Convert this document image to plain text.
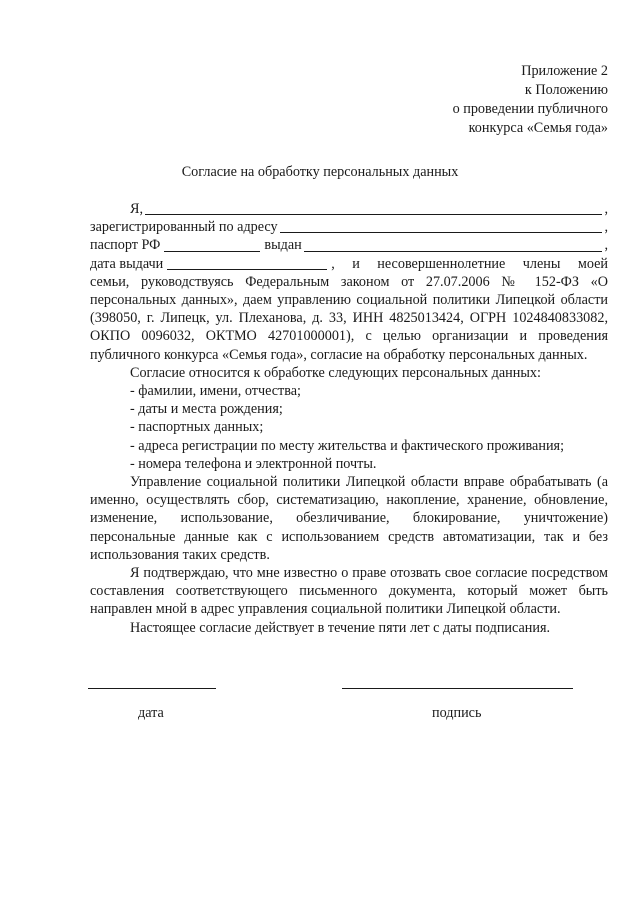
Приложение 2
к Положению
о проведении публичного
конкурса «Семья года»
Согласие на обработку персональных данных
Я,	,
зарегистрированный по адресу	,
паспорт РФ	выдан	,
дата выдачи	, и несовершеннолетние члены моей

семьи, руководствуясь Федеральным законом от 27.07.2006 № 152-ФЗ «О персональных данных», даем управлению социальной политики Липецкой области (398050, г. Липецк, ул. Плеханова, д. 33, ИНН 4825013424, ОГРН 1024840833082, ОКПО 0096032, ОКТМО 42701000001), с целью организации и проведения публичного конкурса «Семья года», согласие на обработку персональных данных.

Согласие относится к обработке следующих персональных данных:

- фамилии, имени, отчества;
- даты и места рождения;
- паспортных данных;
- адреса регистрации по месту жительства и фактического проживания;
- номера телефона и электронной почты.

Управление социальной политики Липецкой области вправе обрабатывать (а именно, осуществлять сбор, систематизацию, накопление, хранение, обновление, изменение, использование, обезличивание, блокирование, уничтожение) персональные данные как с использованием средств автоматизации, так и без использования таких средств.

Я подтверждаю, что мне известно о праве отозвать свое согласие посредством составления соответствующего письменного документа, который может быть направлен мной в адрес управления социальной политики Липецкой области.

Настоящее согласие действует в течение пяти лет с даты подписания.

дата	подпись
